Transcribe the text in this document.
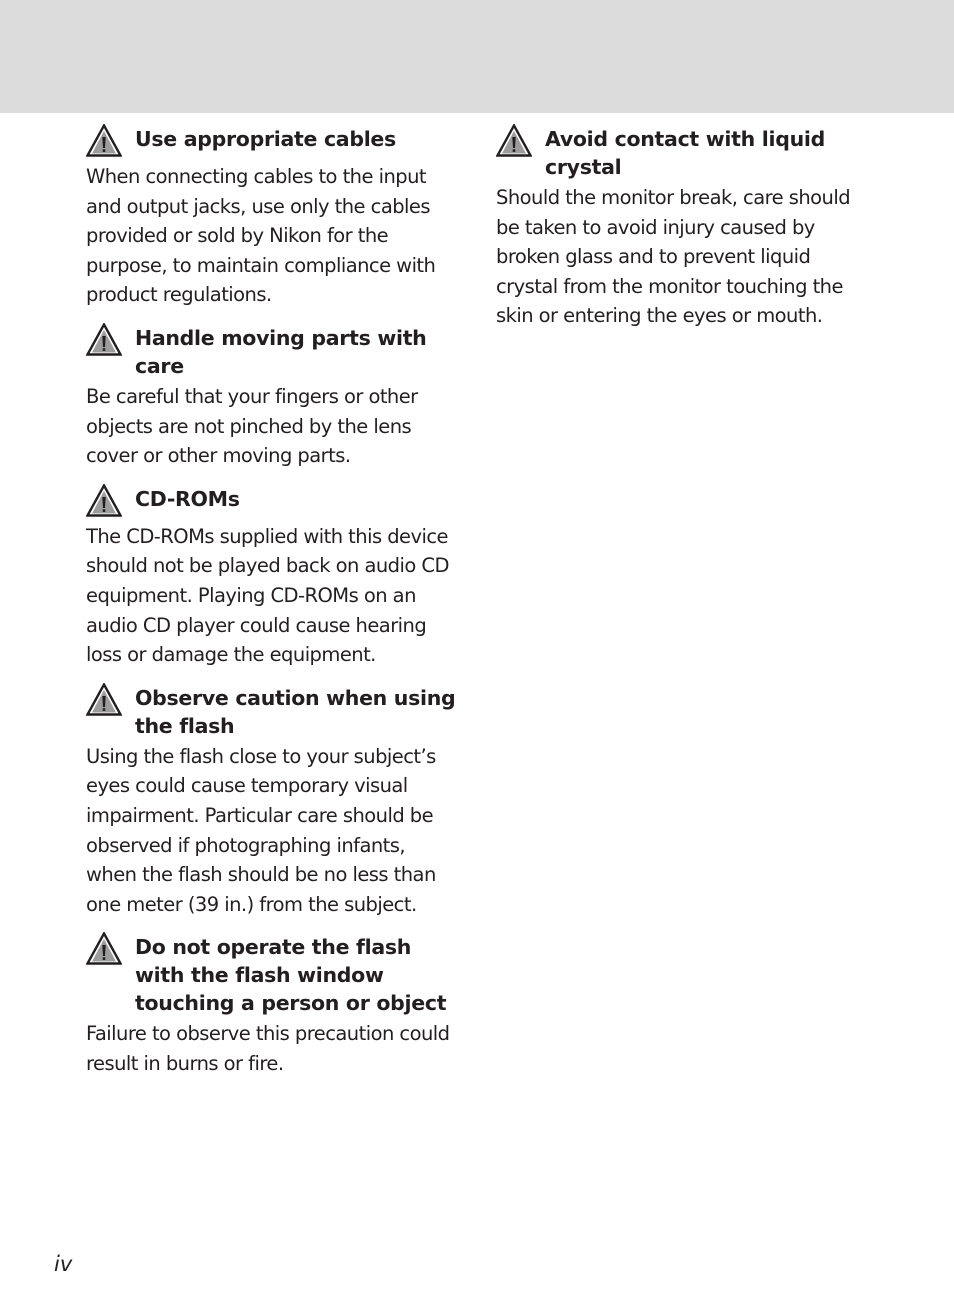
Use appropriate cables

When connecting cables to the input and output jacks, use only the cables provided or sold by Nikon for the purpose, to maintain compliance with product regulations.

Handle moving parts with care

Be careful that your fingers or other objects are not pinched by the lens cover or other moving parts.

CD-ROMs

The CD-ROMs supplied with this device should not be played back on audio CD equipment. Playing CD-ROMs on an audio CD player could cause hearing loss or damage the equipment.

Observe caution when using the flash

Using the flash close to your subject’s eyes could cause temporary visual impairment. Particular care should be observed if photographing infants, when the flash should be no less than one meter (39 in.) from the subject.

Do not operate the flash with the flash window touching a person or object

Failure to observe this precaution could result in burns or fire.

Avoid contact with liquid crystal

Should the monitor break, care should be taken to avoid injury caused by broken glass and to prevent liquid crystal from the monitor touching the skin or entering the eyes or mouth.

iv
